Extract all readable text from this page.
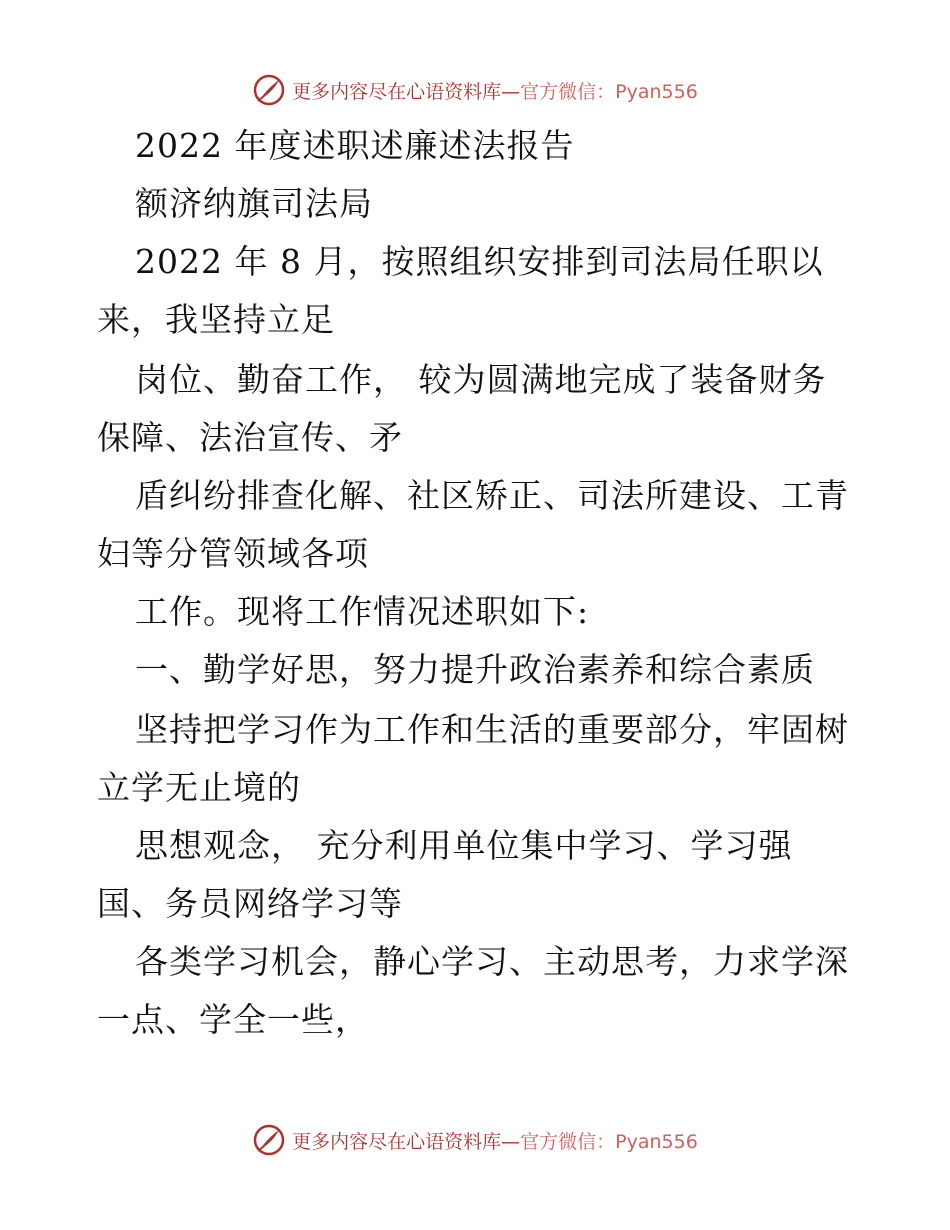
更多内容尽在心语资料库— 官方微信：Pyan556
2022 年度述职述廉述法报告
额济纳旗司法局
2022 年 8 月，按照组织安排到司法局任职以
来，我坚持立足
岗位、勤奋工作， 较为圆满地完成了装备财务
保障、法治宣传、矛
盾纠纷排查化解、社区矫正、司法所建设、工青
妇等分管领域各项
工作。现将工作情况述职如下:
一、勤学好思，努力提升政治素养和综合素质
坚持把学习作为工作和生活的重要部分，牢固树
立学无止境的
思想观念， 充分利用单位集中学习、学习强
国、务员网络学习等
各类学习机会，静心学习、主动思考，力求学深
一点、学全一些，
更多内容尽在心语资料库— 官方微信：Pyan556
